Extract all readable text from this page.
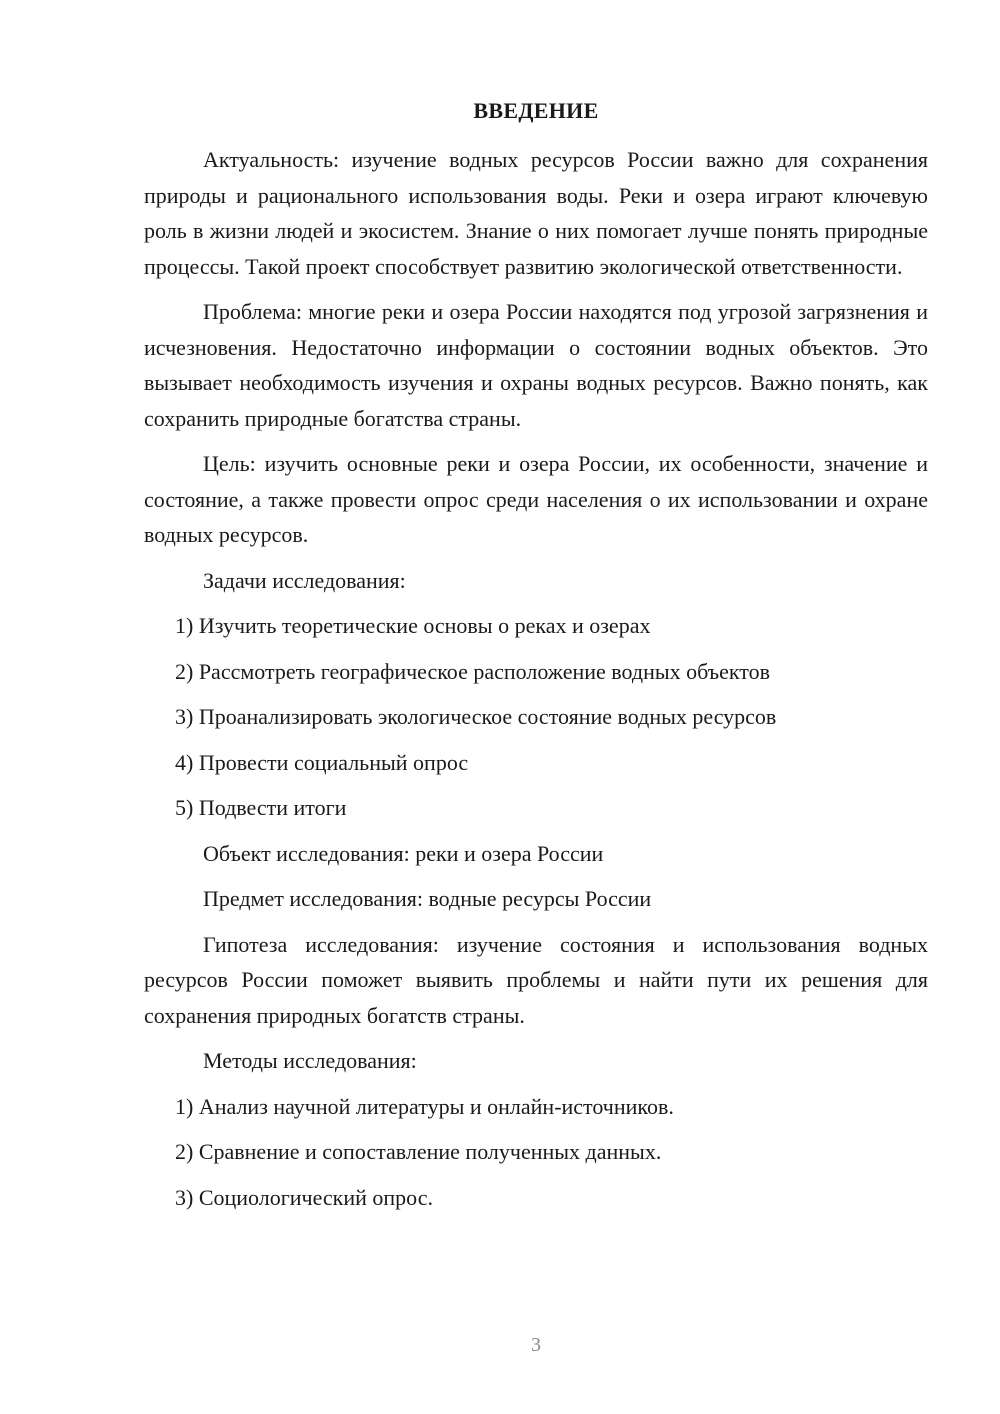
ВВЕДЕНИЕ

Актуальность: изучение водных ресурсов России важно для сохранения природы и рационального использования воды. Реки и озера играют ключевую роль в жизни людей и экосистем. Знание о них помогает лучше понять природные процессы. Такой проект способствует развитию экологической ответственности.

Проблема: многие реки и озера России находятся под угрозой загрязнения и исчезновения. Недостаточно информации о состоянии водных объектов. Это вызывает необходимость изучения и охраны водных ресурсов. Важно понять, как сохранить природные богатства страны.

Цель: изучить основные реки и озера России, их особенности, значение и состояние, а также провести опрос среди населения о их использовании и охране водных ресурсов.

Задачи исследования:

1) Изучить теоретические основы о реках и озерах

2) Рассмотреть географическое расположение водных объектов

3) Проанализировать экологическое состояние водных ресурсов

4) Провести социальный опрос

5) Подвести итоги

Объект исследования: реки и озера России

Предмет исследования: водные ресурсы России

Гипотеза исследования: изучение состояния и использования водных ресурсов России поможет выявить проблемы и найти пути их решения для сохранения природных богатств страны.

Методы исследования:

1) Анализ научной литературы и онлайн-источников.

2) Сравнение и сопоставление полученных данных.

3) Социологический опрос.

3
